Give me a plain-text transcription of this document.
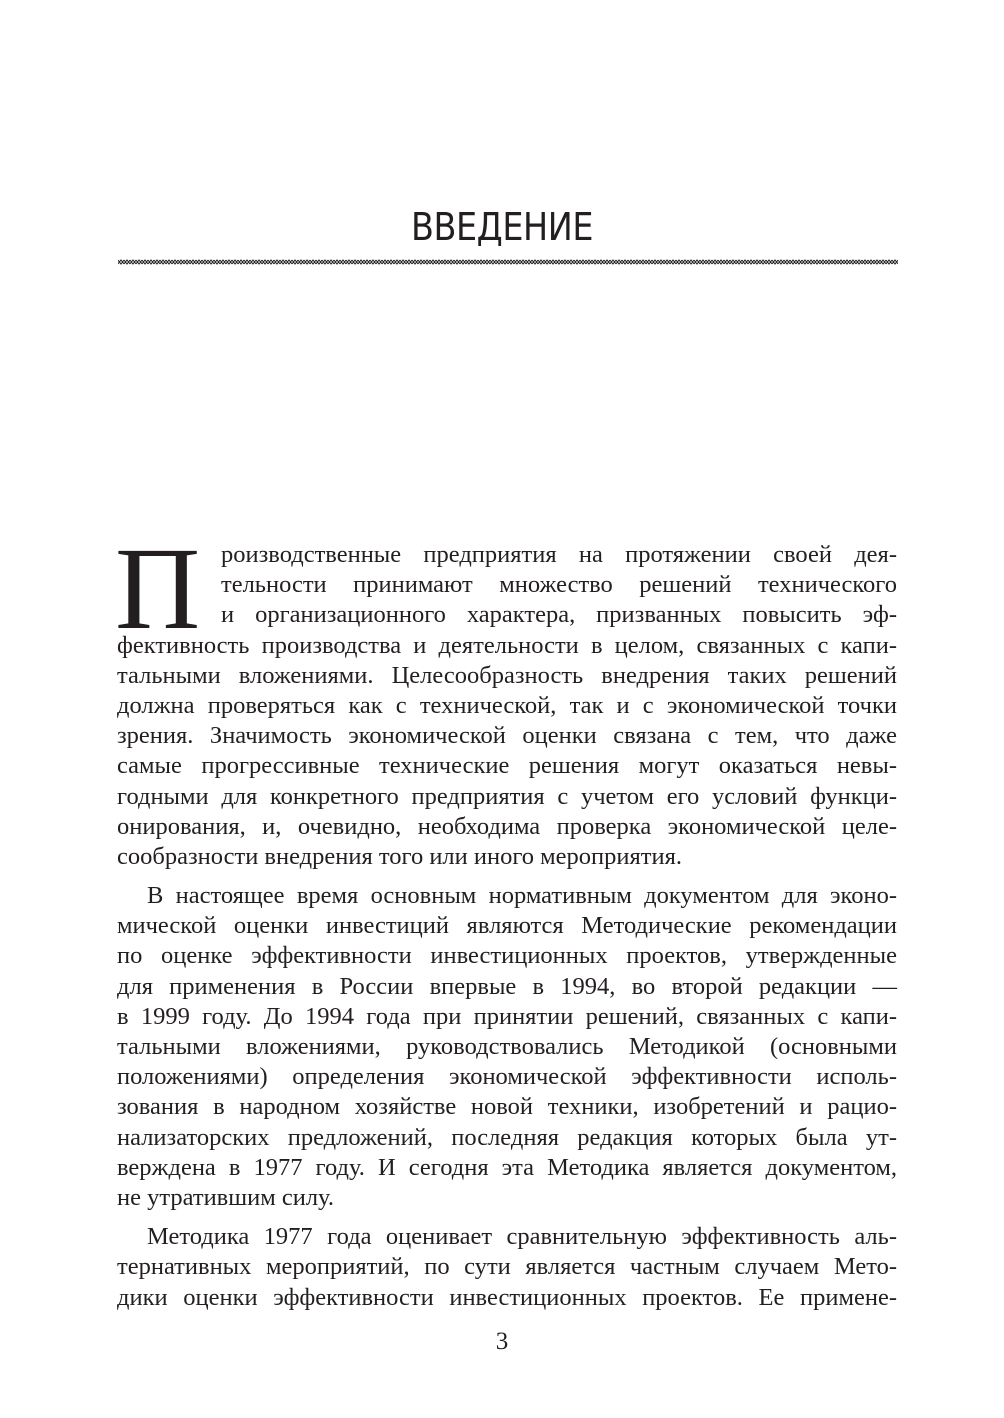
ВВЕДЕНИЕ
П роизводственные предприятия на протяжении своей дея-
тельности принимают множество решений технического
и организационного характера, призванных повысить эф-
фективность производства и деятельности в целом, связанных с капи-
тальными вложениями. Целесообразность внедрения таких решений
должна проверяться как с технической, так и с экономической точки
зрения. Значимость экономической оценки связана с тем, что даже
самые прогрессивные технические решения могут оказаться невы-
годными для конкретного предприятия с учетом его условий функци-
онирования, и, очевидно, необходима проверка экономической целе-
сообразности внедрения того или иного мероприятия.
В настоящее время основным нормативным документом для эконо-
мической оценки инвестиций являются Методические рекомендации
по оценке эффективности инвестиционных проектов, утвержденные
для применения в России впервые в 1994, во второй редакции —
в 1999 году. До 1994 года при принятии решений, связанных с капи-
тальными вложениями, руководствовались Методикой (основными
положениями) определения экономической эффективности исполь-
зования в народном хозяйстве новой техники, изобретений и рацио-
нализаторских предложений, последняя редакция которых была ут-
верждена в 1977 году. И сегодня эта Методика является документом,
не утратившим силу.
Методика 1977 года оценивает сравнительную эффективность аль-
тернативных мероприятий, по сути является частным случаем Мето-
дики оценки эффективности инвестиционных проектов. Ее примене-
3
